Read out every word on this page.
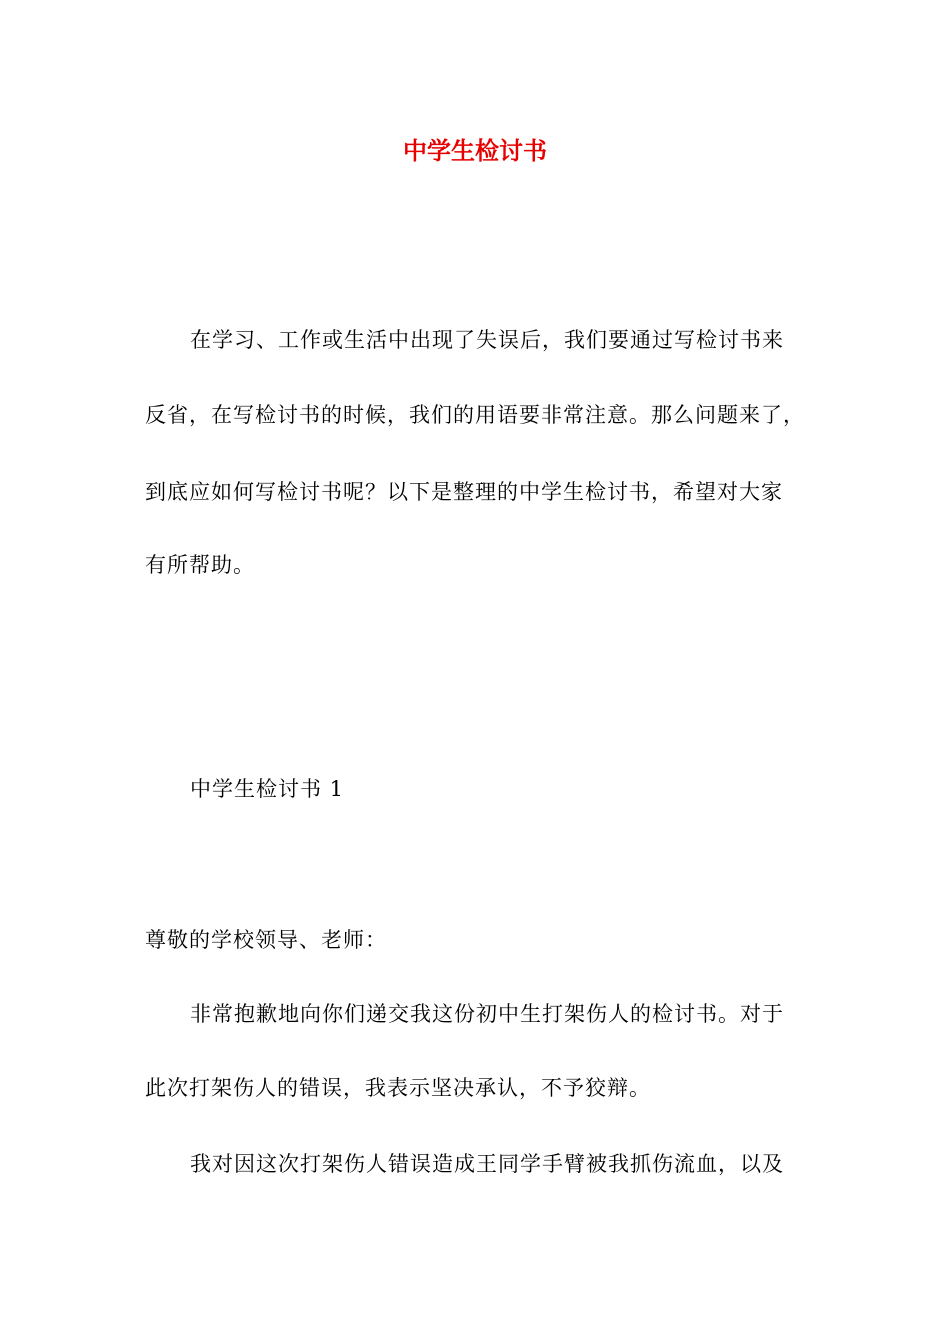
中学生检讨书
在学习、工作或生活中出现了失误后，我们要通过写检讨书来
反省，在写检讨书的时候，我们的用语要非常注意。那么问题来了，
到底应如何写检讨书呢？以下是整理的中学生检讨书，希望对大家
有所帮助。
中学生检讨书 1
尊敬的学校领导、老师：
非常抱歉地向你们递交我这份初中生打架伤人的检讨书。对于
此次打架伤人的错误，我表示坚决承认，不予狡辩。
我对因这次打架伤人错误造成王同学手臂被我抓伤流血，以及
